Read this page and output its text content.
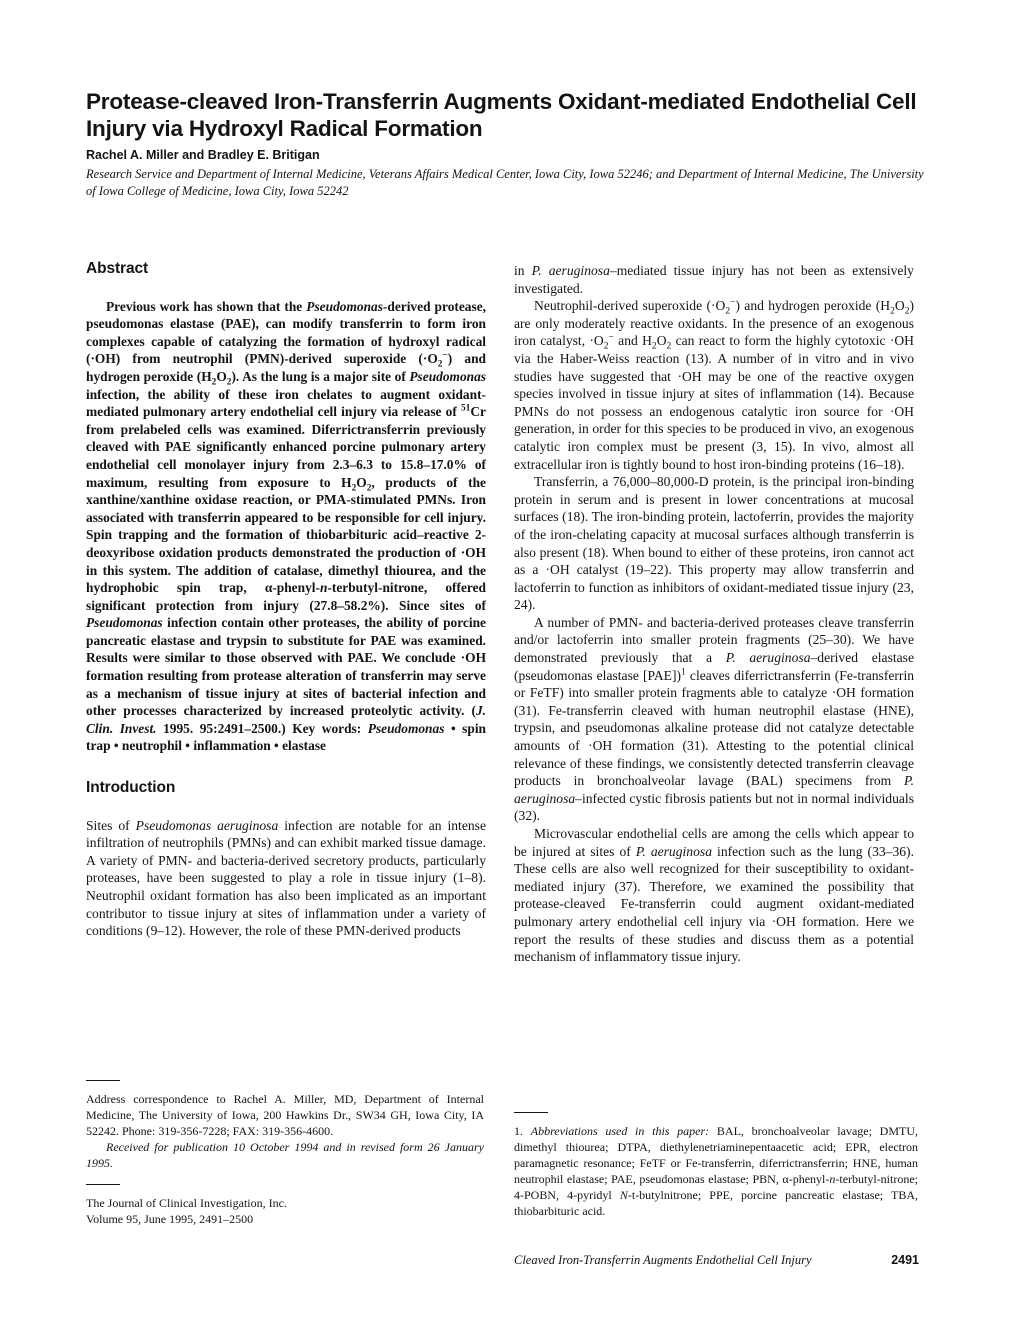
Protease-cleaved Iron-Transferrin Augments Oxidant-mediated Endothelial Cell Injury via Hydroxyl Radical Formation
Rachel A. Miller and Bradley E. Britigan
Research Service and Department of Internal Medicine, Veterans Affairs Medical Center, Iowa City, Iowa 52246; and Department of Internal Medicine, The University of Iowa College of Medicine, Iowa City, Iowa 52242
Abstract

Previous work has shown that the Pseudomonas-derived protease, pseudomonas elastase (PAE), can modify transferrin to form iron complexes capable of catalyzing the formation of hydroxyl radical (·OH) from neutrophil (PMN)-derived superoxide $(\cdot O_2^-)$ and hydrogen peroxide $(H_2O_2)$. As the lung is a major site of Pseudomonas infection, the ability of these iron chelates to augment oxidant-mediated pulmonary artery endothelial cell injury via release of $^{51}$Cr from prelabeled cells was examined. Diferrictransferrin previously cleaved with PAE significantly enhanced porcine pulmonary artery endothelial cell monolayer injury from 2.3–6.3 to 15.8–17.0% of maximum, resulting from exposure to $H_2O_2$, products of the xanthine/xanthine oxidase reaction, or PMA-stimulated PMNs. Iron associated with transferrin appeared to be responsible for cell injury. Spin trapping and the formation of thiobarbituric acid–reactive 2-deoxyribose oxidation products demonstrated the production of ·OH in this system. The addition of catalase, dimethyl thiourea, and the hydrophobic spin trap, α-phenyl-n-terbutyl-nitrone, offered significant protection from injury (27.8–58.2%). Since sites of Pseudomonas infection contain other proteases, the ability of porcine pancreatic elastase and trypsin to substitute for PAE was examined. Results were similar to those observed with PAE. We conclude ·OH formation resulting from protease alteration of transferrin may serve as a mechanism of tissue injury at sites of bacterial infection and other processes characterized by increased proteolytic activity. (J. Clin. Invest. 1995. 95:2491–2500.) Key words: Pseudomonas • spin trap • neutrophil • inflammation • elastase

Introduction

Sites of Pseudomonas aeruginosa infection are notable for an intense infiltration of neutrophils (PMNs) and can exhibit marked tissue damage. A variety of PMN- and bacteria-derived secretory products, particularly proteases, have been suggested to play a role in tissue injury (1–8). Neutrophil oxidant formation has also been implicated as an important contributor to tissue injury at sites of inflammation under a variety of conditions (9–12). However, the role of these PMN-derived products

Address correspondence to Rachel A. Miller, MD, Department of Internal Medicine, The University of Iowa, 200 Hawkins Dr., SW34 GH, Iowa City, IA 52242. Phone: 319-356-7228; FAX: 319-356-4600.

Received for publication 10 October 1994 and in revised form 26 January 1995.

The Journal of Clinical Investigation, Inc.

Volume 95, June 1995, 2491–2500

in P. aeruginosa–mediated tissue injury has not been as extensively investigated.

Neutrophil-derived superoxide $(\cdot O_2^-)$ and hydrogen peroxide $(H_2O_2)$ are only moderately reactive oxidants. In the presence of an exogenous iron catalyst, $\cdot O_2^-$ and $H_2O_2$ can react to form the highly cytotoxic ·OH via the Haber-Weiss reaction (13). A number of in vitro and in vivo studies have suggested that ·OH may be one of the reactive oxygen species involved in tissue injury at sites of inflammation (14). Because PMNs do not possess an endogenous catalytic iron source for ·OH generation, in order for this species to be produced in vivo, an exogenous catalytic iron complex must be present (3, 15). In vivo, almost all extracellular iron is tightly bound to host iron-binding proteins (16–18).

Transferrin, a 76,000–80,000-D protein, is the principal iron-binding protein in serum and is present in lower concentrations at mucosal surfaces (18). The iron-binding protein, lactoferrin, provides the majority of the iron-chelating capacity at mucosal surfaces although transferrin is also present (18). When bound to either of these proteins, iron cannot act as a ·OH catalyst (19–22). This property may allow transferrin and lactoferrin to function as inhibitors of oxidant-mediated tissue injury (23, 24).

A number of PMN- and bacteria-derived proteases cleave transferrin and/or lactoferrin into smaller protein fragments (25–30). We have demonstrated previously that a P. aeruginosa–derived elastase (pseudomonas elastase [PAE])$^1$ cleaves diferrictransferrin (Fe-transferrin or FeTF) into smaller protein fragments able to catalyze ·OH formation (31). Fe-transferrin cleaved with human neutrophil elastase (HNE), trypsin, and pseudomonas alkaline protease did not catalyze detectable amounts of ·OH formation (31). Attesting to the potential clinical relevance of these findings, we consistently detected transferrin cleavage products in bronchoalveolar lavage (BAL) specimens from P. aeruginosa–infected cystic fibrosis patients but not in normal individuals (32).

Microvascular endothelial cells are among the cells which appear to be injured at sites of P. aeruginosa infection such as the lung (33–36). These cells are also well recognized for their susceptibility to oxidant-mediated injury (37). Therefore, we examined the possibility that protease-cleaved Fe-transferrin could augment oxidant-mediated pulmonary artery endothelial cell injury via ·OH formation. Here we report the results of these studies and discuss them as a potential mechanism of inflammatory tissue injury.

1. Abbreviations used in this paper: BAL, bronchoalveolar lavage; DMTU, dimethyl thiourea; DTPA, diethylenetriaminepentaacetic acid; EPR, electron paramagnetic resonance; FeTF or Fe-transferrin, diferrictransferrin; HNE, human neutrophil elastase; PAE, pseudomonas elastase; PBN, α-phenyl-n-terbutyl-nitrone; 4-POBN, 4-pyridyl N-t-butylnitrone; PPE, porcine pancreatic elastase; TBA, thiobarbituric acid.

Cleaved Iron-Transferrin Augments Endothelial Cell Injury	2491
